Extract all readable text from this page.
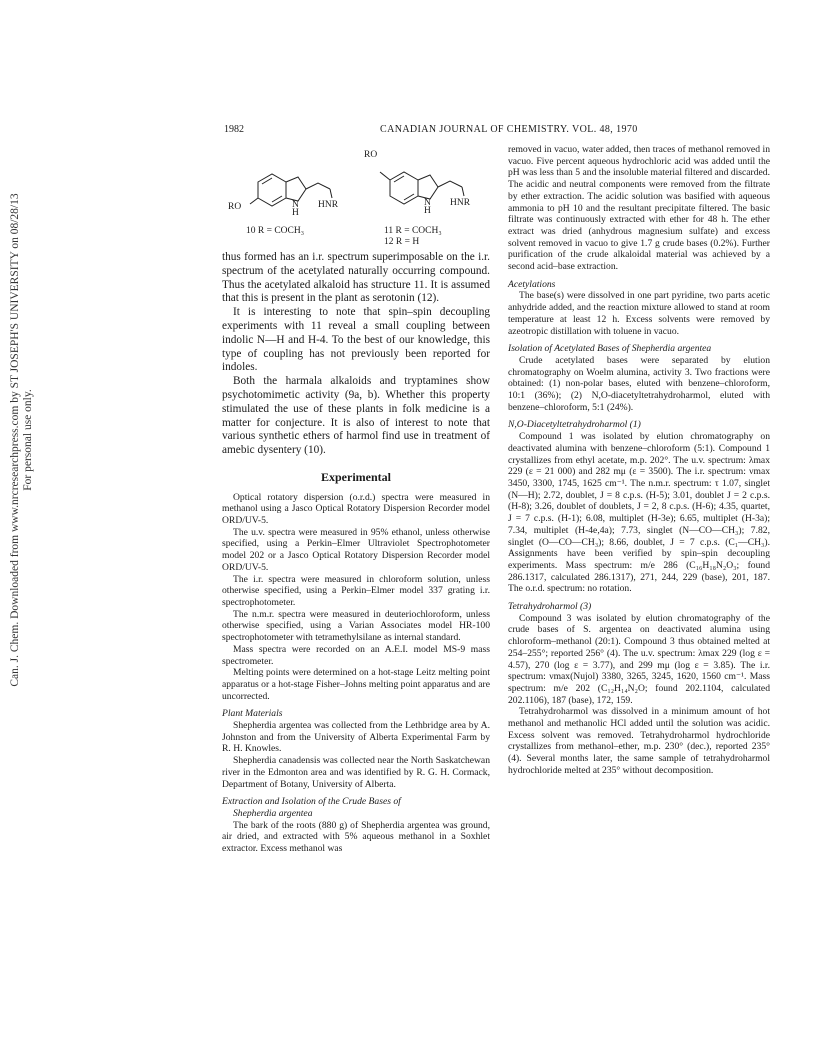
Can. J. Chem. Downloaded from www.nrcresearchpress.com by ST JOSEPH'S UNIVERSITY on 08/28/13 For personal use only.
1982	CANADIAN JOURNAL OF CHEMISTRY. VOL. 48, 1970
RO	N
H
HNR
10 R = COCH₃
RO
N
H
HNR
11 R = COCH₃
12 R = H

thus formed has an i.r. spectrum superimposable on the i.r. spectrum of the acetylated naturally occurring compound. Thus the acetylated alkaloid has structure 11. It is assumed that this is present in the plant as serotonin (12).

It is interesting to note that spin–spin decoupling experiments with 11 reveal a small coupling between indolic N—H and H-4. To the best of our knowledge, this type of coupling has not previously been reported for indoles.

Both the harmala alkaloids and tryptamines show psychotomimetic activity (9a, b). Whether this property stimulated the use of these plants in folk medicine is a matter for conjecture. It is also of interest to note that various synthetic ethers of harmol find use in treatment of amebic dysentery (10).

Experimental

Optical rotatory dispersion (o.r.d.) spectra were measured in methanol using a Jasco Optical Rotatory Dispersion Recorder model ORD/UV-5.

The u.v. spectra were measured in 95% ethanol, unless otherwise specified, using a Perkin–Elmer Ultraviolet Spectrophotometer model 202 or a Jasco Optical Rotatory Dispersion Recorder model ORD/UV-5.

The i.r. spectra were measured in chloroform solution, unless otherwise specified, using a Perkin–Elmer model 337 grating i.r. spectrophotometer.

The n.m.r. spectra were measured in deuteriochloroform, unless otherwise specified, using a Varian Associates model HR-100 spectrophotometer with tetramethylsilane as internal standard.

Mass spectra were recorded on an A.E.I. model MS-9 mass spectrometer.

Melting points were determined on a hot-stage Leitz melting point apparatus or a hot-stage Fisher–Johns melting point apparatus and are uncorrected.

Plant Materials

Shepherdia argentea was collected from the Lethbridge area by A. Johnston and from the University of Alberta Experimental Farm by R. H. Knowles.

Shepherdia canadensis was collected near the North Saskatchewan river in the Edmonton area and was identified by R. G. H. Cormack, Department of Botany, University of Alberta.

Extraction and Isolation of the Crude Bases of

Shepherdia argentea

The bark of the roots (880 g) of Shepherdia argentea was ground, air dried, and extracted with 5% aqueous methanol in a Soxhlet extractor. Excess methanol was

removed in vacuo, water added, then traces of methanol removed in vacuo. Five percent aqueous hydrochloric acid was added until the pH was less than 5 and the insoluble material filtered and discarded. The acidic and neutral components were removed from the filtrate by ether extraction. The acidic solution was basified with aqueous ammonia to pH 10 and the resultant precipitate filtered. The basic filtrate was continuously extracted with ether for 48 h. The ether extract was dried (anhydrous magnesium sulfate) and excess solvent removed in vacuo to give 1.7 g crude bases (0.2%). Further purification of the crude alkaloidal material was achieved by a second acid–base extraction.

Acetylations

The base(s) were dissolved in one part pyridine, two parts acetic anhydride added, and the reaction mixture allowed to stand at room temperature at least 12 h. Excess solvents were removed by azeotropic distillation with toluene in vacuo.

Isolation of Acetylated Bases of Shepherdia argentea

Crude acetylated bases were separated by elution chromatography on Woelm alumina, activity 3. Two fractions were obtained: (1) non-polar bases, eluted with benzene–chloroform, 10:1 (36%); (2) N,O-diacetyltetrahydroharmol, eluted with benzene–chloroform, 5:1 (24%).

N,O-Diacetyltetrahydroharmol (1)

Compound 1 was isolated by elution chromatography on deactivated alumina with benzene–chloroform (5:1). Compound 1 crystallizes from ethyl acetate, m.p. 202°. The u.v. spectrum: λmax 229 (ε = 21 000) and 282 mμ (ε = 3500). The i.r. spectrum: νmax 3450, 3300, 1745, 1625 cm⁻¹. The n.m.r. spectrum: τ 1.07, singlet (N—H); 2.72, doublet, J = 8 c.p.s. (H-5); 3.01, doublet J = 2 c.p.s. (H-8); 3.26, doublet of doublets, J = 2, 8 c.p.s. (H-6); 4.35, quartet, J = 7 c.p.s. (H-1); 6.08, multiplet (H-3e); 6.65, multiplet (H-3a); 7.34, multiplet (H-4e,4a); 7.73, singlet (N—CO—CH₃); 7.82, singlet (O—CO—CH₃); 8.66, doublet, J = 7 c.p.s. (C₁—CH₃). Assignments have been verified by spin–spin decoupling experiments. Mass spectrum: m/e 286 (C₁₆H₁₈N₂O₃; found 286.1317, calculated 286.1317), 271, 244, 229 (base), 201, 187. The o.r.d. spectrum: no rotation.

Tetrahydroharmol (3)

Compound 3 was isolated by elution chromatography of the crude bases of S. argentea on deactivated alumina using chloroform–methanol (20:1). Compound 3 thus obtained melted at 254–255°; reported 256° (4). The u.v. spectrum: λmax 229 (log ε = 4.57), 270 (log ε = 3.77), and 299 mμ (log ε = 3.85). The i.r. spectrum: νmax(Nujol) 3380, 3265, 3245, 1620, 1560 cm⁻¹. Mass spectrum: m/e 202 (C₁₂H₁₄N₂O; found 202.1104, calculated 202.1106), 187 (base), 172, 159.

Tetrahydroharmol was dissolved in a minimum amount of hot methanol and methanolic HCl added until the solution was acidic. Excess solvent was removed. Tetrahydroharmol hydrochloride crystallizes from methanol–ether, m.p. 230° (dec.), reported 235° (4). Several months later, the same sample of tetrahydroharmol hydrochloride melted at 235° without decomposition.
